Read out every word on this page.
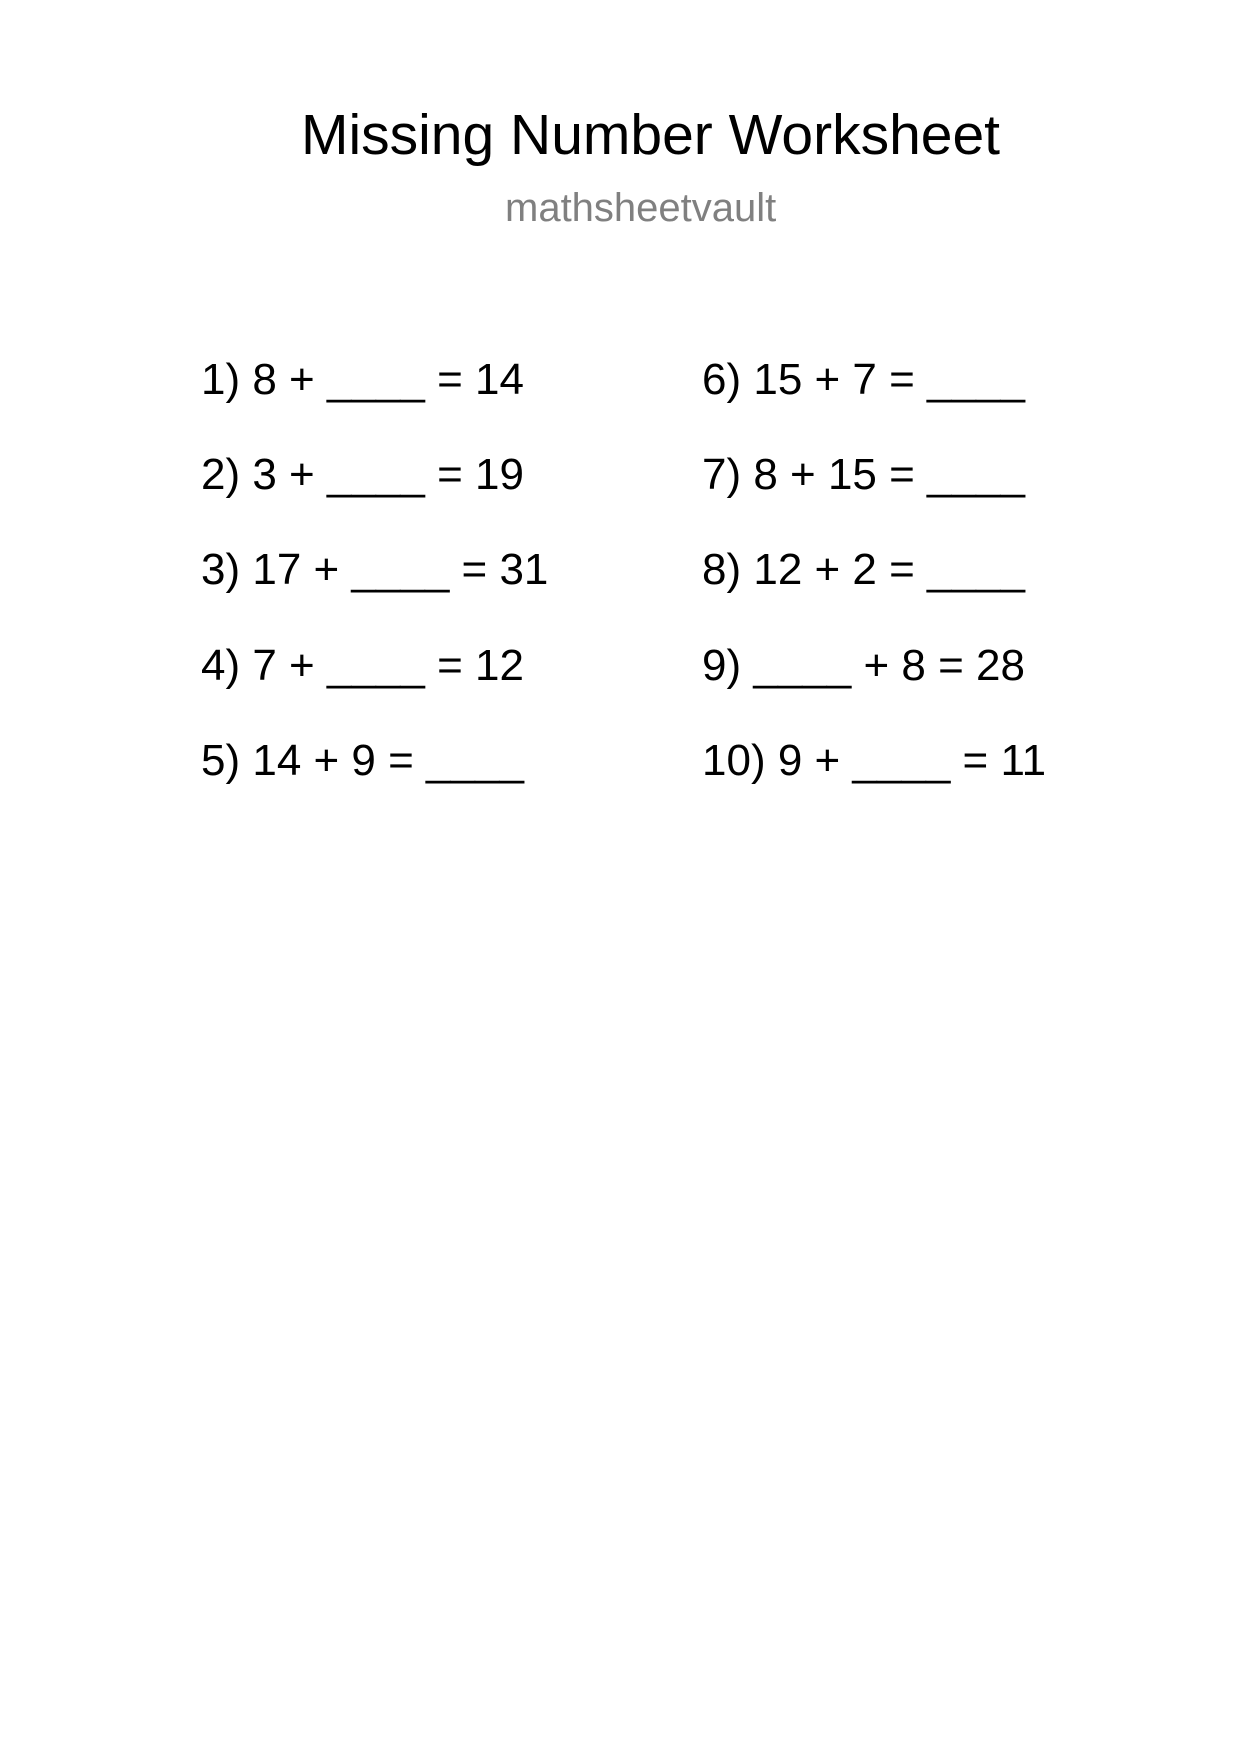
Missing Number Worksheet
mathsheetvault
1) 8 + ____ = 14
2) 3 + ____ = 19
3) 17 + ____ = 31
4) 7 + ____ = 12
5) 14 + 9 = ____
6) 15 + 7 = ____
7) 8 + 15 = ____
8) 12 + 2 = ____
9) ____ + 8 = 28
10) 9 + ____ = 11
